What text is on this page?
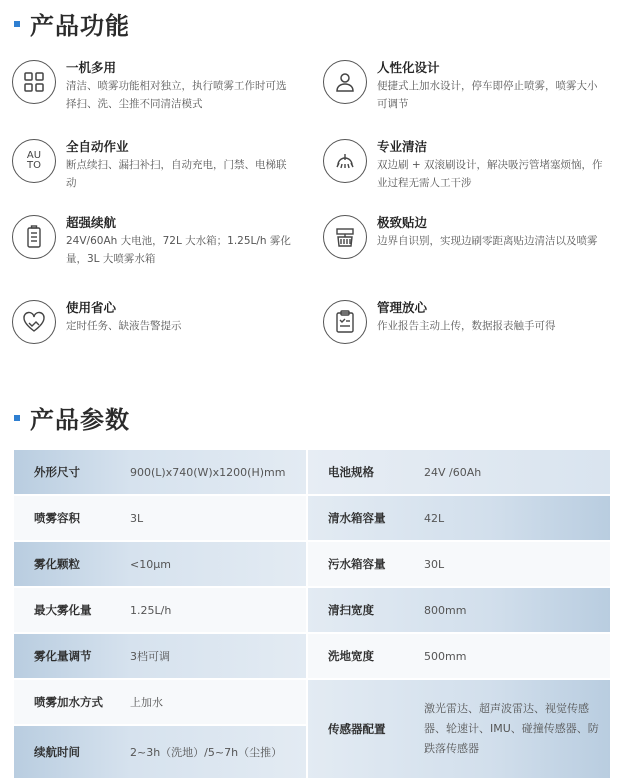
产品功能
一机多用
清洁、喷雾功能相对独立，执行喷雾工作时可选择扫、洗、尘推不同清洁模式
人性化设计
便捷式上加水设计，停车即停止喷雾，喷雾大小可调节
AU
TO
全自动作业
断点续扫、漏扫补扫，自动充电，门禁、电梯联动
专业清洁
双边刷 + 双滚刷设计，解决吸污管堵塞烦恼，作业过程无需人工干涉
超强续航
24V/60Ah 大电池，72L 大水箱；1.25L/h 雾化量，3L 大喷雾水箱
极致贴边
边界自识别，实现边刷零距离贴边清洁以及喷雾
使用省心
定时任务、缺液告警提示
管理放心
作业报告主动上传，数据报表触手可得
产品参数
外形尺寸	900(L)x740(W)x1200(H)mm
喷雾容积	3L
雾化颗粒	<10μm
最大雾化量	1.25L/h
雾化量调节	3档可调
喷雾加水方式	上加水
续航时间	2~3h（洗地）/5~7h（尘推）
电池规格	24V /60Ah
清水箱容量	42L
污水箱容量	30L
清扫宽度	800mm
洗地宽度	500mm
传感器配置
激光雷达、超声波雷达、视觉传感器、轮速计、IMU、碰撞传感器、防跌落传感器
